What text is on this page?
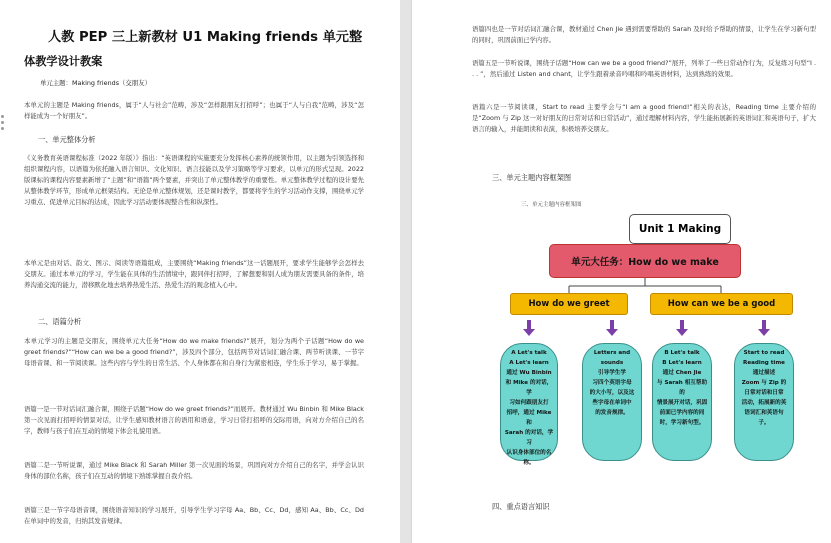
人教 PEP 三上新教材 U1 Making friends 单元整
体教学设计教案
单元主题：Making friends（交朋友）
本单元的主题是 Making friends，属于“人与社会”范畴，涉及“怎样跟朋友打招呼”；也属于“人与自我”范畴，涉及“怎样能成为一个好朋友”。
一、单元整体分析
《义务教育英语课程标准（2022 年版）》指出：“英语课程的实施要充分发挥核心素养的统领作用，以主题为引领选择和组织课程内容，以语篇为依托融入语言知识、文化知识、语言技能以及学习策略等学习要求，以单元的形式呈现。2022 版课标的课程内容要素新增了“主题”和“语篇”两个要素，并突出了单元整体教学的重要性。单元整体教学过程的设计要先从整体教学环节，形成单元框架结构。无论是单元整体规划，还是课时教学，都要将学生的学习活动作支撑，围绕单元学习重点、促进单元目标的达成，因此学习活动要体现整合性和纵深性。
本单元是由对话、韵文、图示、阅读等语篇组成，主要围绕“Making friends”这一话题展开，要求学生能够学会怎样去交朋友。通过本单元的学习，学生能在具体的生活情境中，跟同伴打招呼，了解想要和别人成为朋友需要具备的条件，培养沟通交流的能力，潜移默化地去培养热爱生活、热爱生活的观念植入心中。
二、语篇分析
本单元学习的主题是交朋友，围绕单元大任务“How do we make friends?”展开，划分为两个子话题“How do we greet friends?”“How can we be a good friend?”，涉及四个部分，包括两节对话词汇融合课、两节听读课、一节字母语音课、和一节阅读课。这些内容与学生的日常生活、个人身体都在和自身行为紧密相连，学生乐于学习，易于掌握。
语篇一是一节对话词汇融合课，围绕子话题“How do we greet friends?”而展开。教材通过 Wu Binbin 和 Mike Black 第一次见面打招呼的情景对话，让学生感知教材语言的语用和语意，学习日常打招呼的交际用语，向对方介绍自己的名字，教师与孩子们在互动的情境下体会礼貌用语。
语篇二是一节听说课，通过 Mike Black 和 Sarah Miller 第一次见面的场景，巩固向对方介绍自己的名字，并学会认识身体的部位名称，孩子们在互动的情境下熟练掌握自我介绍。
语篇三是一节字母语音课，围绕语音知识的学习展开，引导学生学习字母 Aa、Bb、Cc、Dd，感知 Aa、Bb、Cc、Dd 在单词中的发音，归纳其发音规律。
语篇四也是一节对话词汇融合课，教材通过 Chen Jie 遇到需要帮助的 Sarah 及时给予帮助的情景，让学生在学习新句型的同时，巩固前面已学内容。
语篇五是一节听说课，围绕子话题“How can we be a good friend?”展开，列举了一些日常动作行为，反复练习句型“I . . . ”，然后通过 Listen and chant，让学生跟着录音吟唱和吟唱英语材料，达到熟练的效果。
语篇六是一节阅读课，Start to read 主要学会与“I am a good friend!”相关的表达，Reading time 主要介绍的是“Zoom 与 Zip 这一对好朋友的日常对话和日常活动”，通过理解材料内容，学生能拓展新的英语词汇和英语句子，扩大语言的输入，并能朗读和表演，积极培养交朋友。
三、单元主题内容框架图
三、单元主题内容框架图
Unit 1 Making
单元大任务：How do we make
How do we greet	How can we be a good
A Let's talk
A Let's learn
通过 Wu Binbin
和 Mike 的对话，学
习如何跟朋友打
招呼，通过 Mike 和
Sarah 的对话，学习
认识身体部位的名
称。
Letters and
sounds
引导学生学
习四个英语字母
的大小写，以及这
些字母在单词中
的发音规律。
B Let's talk
B Let's learn
通过 Chen Jie
与 Sarah 相互帮助的
情景展开对话，巩固
前面已学内容的同
时，学习新句型。
Start to read
Reading time
通过描述
Zoom 与 Zip 的
日常对话和日常
活动，拓展新的英
语词汇和英语句
子。
四、重点语言知识
